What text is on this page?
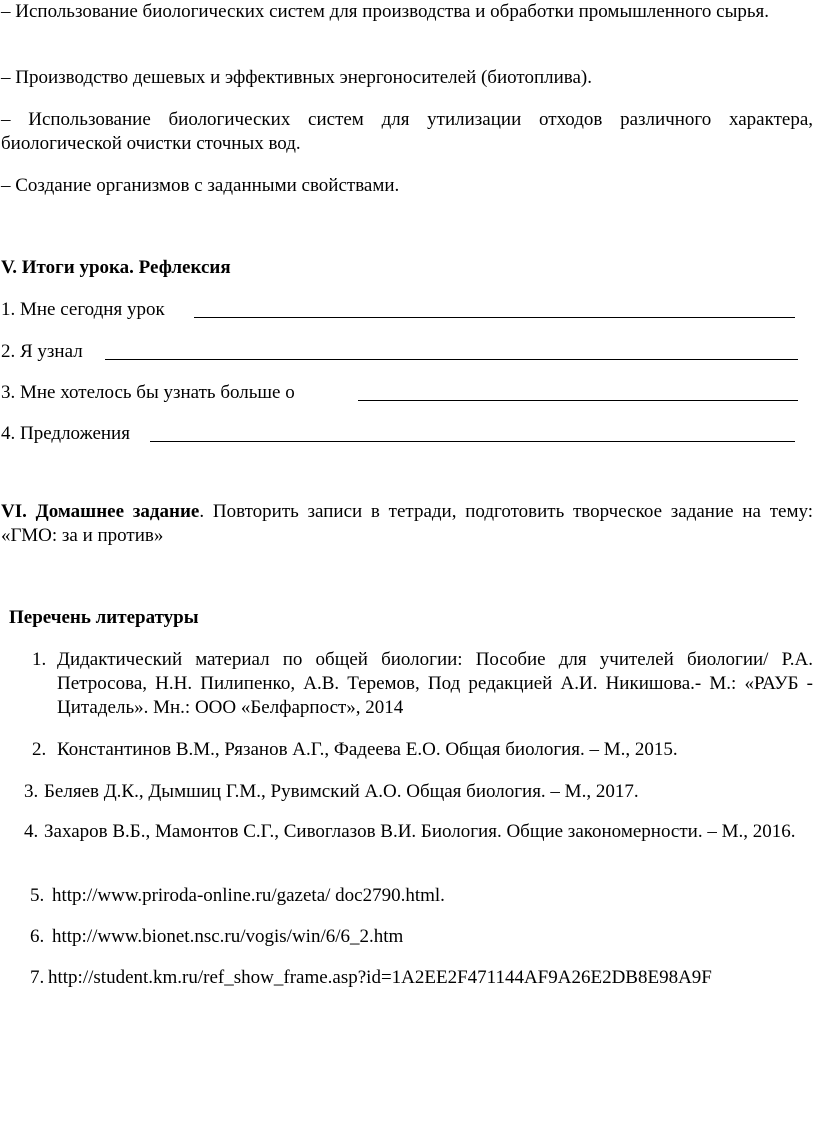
– Использование биологических систем для производства и обработки промышленного сырья.

– Производство дешевых и эффективных энергоносителей (биотоплива).

– Использование биологических систем для утилизации отходов различного характера, биологической очистки сточных вод.

– Создание организмов с заданными свойствами.

V. Итоги урока. Рефлексия

1. Мне сегодня урок
2. Я узнал
3. Мне хотелось бы узнать больше о
4. Предложения

VI. Домашнее задание. Повторить записи в тетради, подготовить творческое задание на тему: «ГМО: за и против»

Перечень литературы

1. Дидактический материал по общей биологии: Пособие для учителей биологии/ Р.А. Петросова, Н.Н. Пилипенко, А.В. Теремов, Под редакцией А.И. Никишова.- М.: «РАУБ - Цитадель». Мн.: ООО «Белфарпост», 2014
2. Константинов В.М., Рязанов А.Г., Фадеева Е.О. Общая биология. – М., 2015.
3. Беляев Д.К., Дымшиц Г.М., Рувимский А.О. Общая биология. – М., 2017.
4. Захаров В.Б., Мамонтов С.Г., Сивоглазов В.И. Биология. Общие закономерности. – М., 2016.
5. http://www.priroda-online.ru/gazeta/ doc2790.html.
6. http://www.bionet.nsc.ru/vogis/win/6/6_2.htm
7. http://student.km.ru/ref_show_frame.asp?id=1A2EE2F471144AF9A26E2DB8E98A9F
